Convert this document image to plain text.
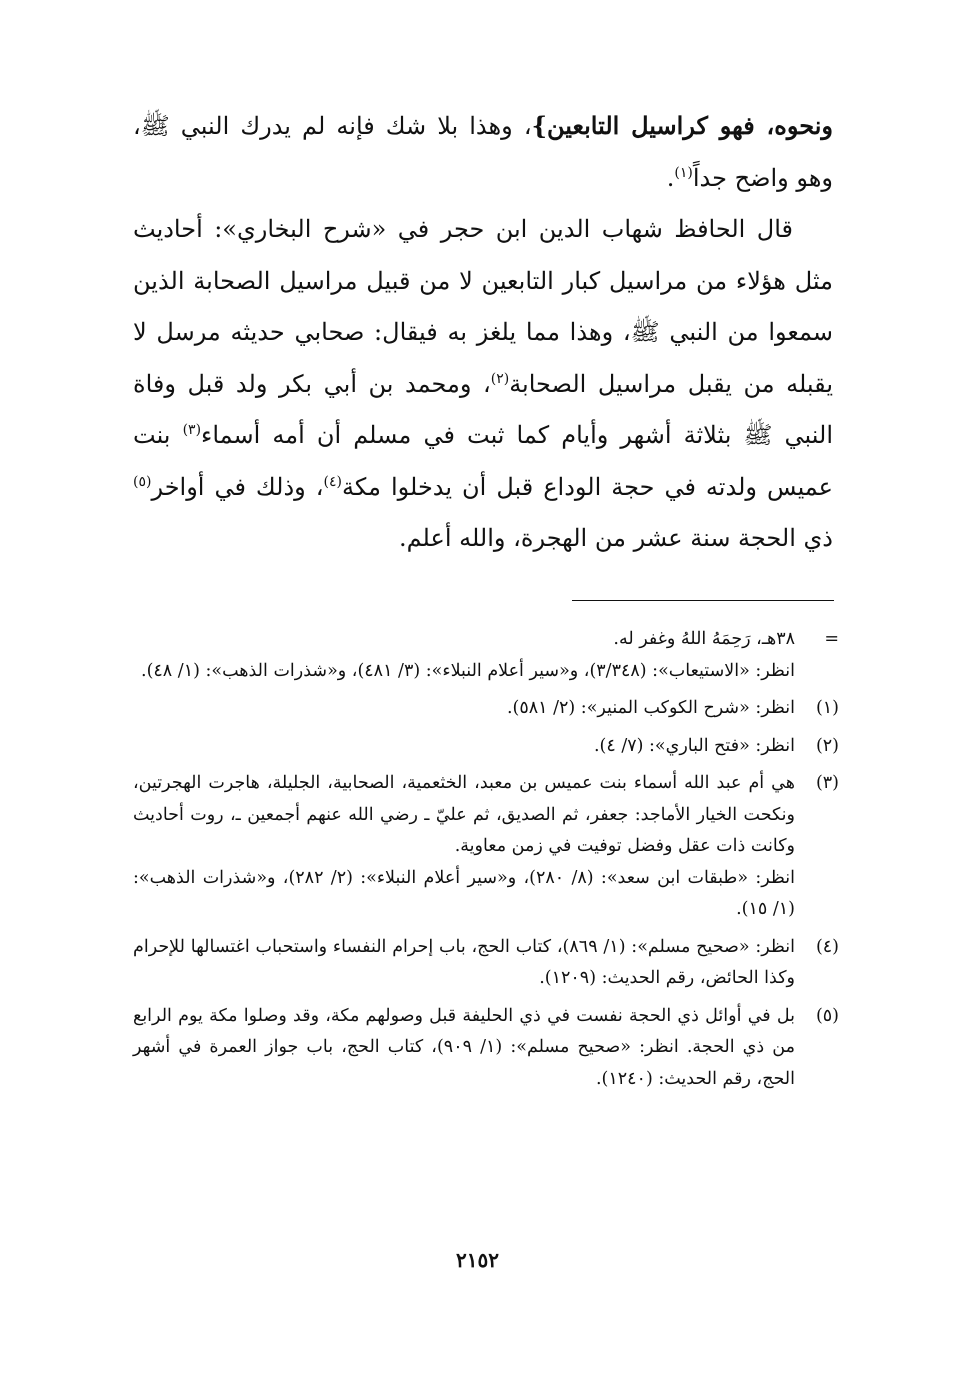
ونحوه، فهو كراسيل التابعين}، وهذا بلا شك فإنه لم يدرك النبي ﷺ، وهو واضح جداً$^{(١)}$.

قال الحافظ شهاب الدين ابن حجر في «شرح البخاري»: أحاديث مثل هؤلاء من مراسيل كبار التابعين لا من قبيل مراسيل الصحابة الذين سمعوا من النبي ﷺ، وهذا مما يلغز به فيقال: صحابي حديثه مرسل لا يقبله من يقبل مراسيل الصحابة$^{(٢)}$، ومحمد بن أبي بكر ولد قبل وفاة النبي ﷺ بثلاثة أشهر وأيام كما ثبت في مسلم أن أمه أسماء$^{(٣)}$ بنت عميس ولدته في حجة الوداع قبل أن يدخلوا مكة$^{(٤)}$، وذلك في أواخر$^{(٥)}$ ذي الحجة سنة عشر من الهجرة، والله أعلم.

=

٣٨هـ، رَحِمَهُ اللهُ وغفر له.

انظر: «الاستيعاب»: (٣/٣٤٨)، و«سير أعلام النبلاء»: (٣/ ٤٨١)، و«شذرات الذهب»: (١/ ٤٨).

(١)

انظر: «شرح الكوكب المنير»: (٢/ ٥٨١).

(٢)

انظر: «فتح الباري»: (٧/ ٤).

(٣)

هي أم عبد الله أسماء بنت عميس بن معبد، الخثعمية، الصحابية، الجليلة، هاجرت الهجرتين، ونكحت الخيار الأماجد: جعفر، ثم الصديق، ثم عليّ ـ رضي الله عنهم أجمعين ـ، روت أحاديث وكانت ذات عقل وفضل توفيت في زمن معاوية.

انظر: «طبقات ابن سعد»: (٨/ ٢٨٠)، و«سير أعلام النبلاء»: (٢/ ٢٨٢)، و«شذرات الذهب»: (١/ ١٥).

(٤)

انظر: «صحيح مسلم»: (١/ ٨٦٩)، كتاب الحج، باب إحرام النفساء واستحباب اغتسالها للإحرام وكذا الحائض، رقم الحديث: (١٢٠٩).

(٥)

بل في أوائل ذي الحجة نفست في ذي الحليفة قبل وصولهم مكة، وقد وصلوا مكة يوم الرابع من ذي الحجة. انظر: «صحيح مسلم»: (١/ ٩٠٩)، كتاب الحج، باب جواز العمرة في أشهر الحج، رقم الحديث: (١٢٤٠).

٢١٥٢
